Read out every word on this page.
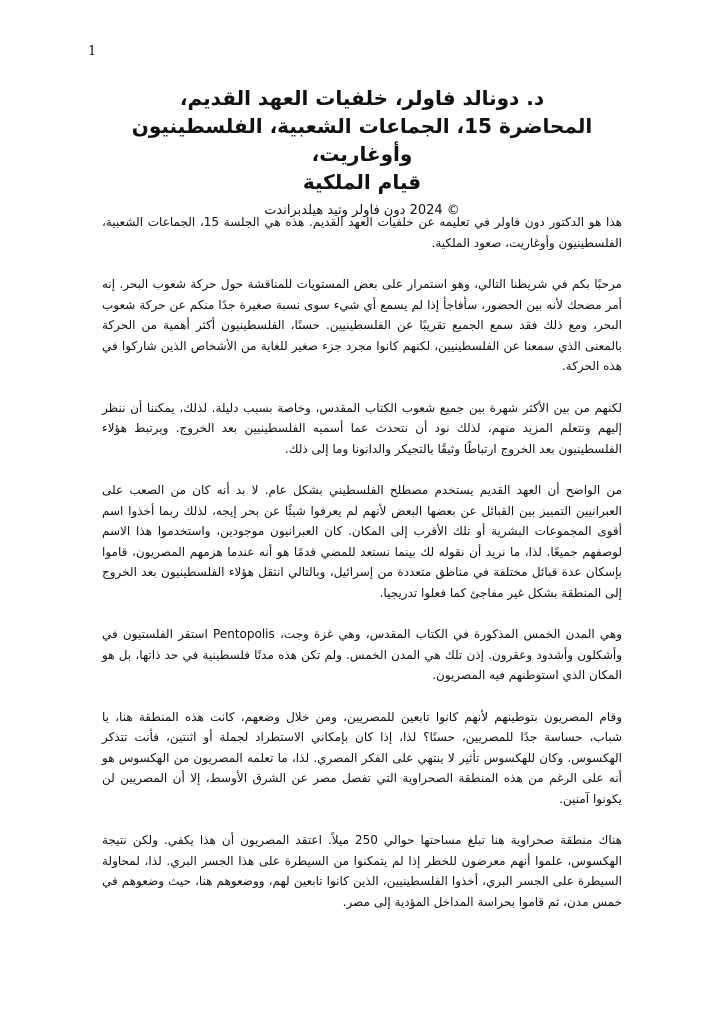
1

د. دونالد فاولر، خلفيات العهد القديم،

المحاضرة 15، الجماعات الشعبية، الفلسطينيون وأوغاريت،

قيام الملكية

© 2024 دون فاولر وتيد هيلدبراندت

هذا هو الدكتور دون فاولر في تعليمه عن خلفيات العهد القديم. هذه هي الجلسة 15، الجماعات الشعبية، الفلسطينيون وأوغاريت، صعود الملكية.

مرحبًا بكم في شريطنا التالي، وهو استمرار على بعض المستويات للمناقشة حول حركة شعوب البحر. إنه أمر مضحك لأنه بين الحضور، سأفاجأ إذا لم يسمع أي شيء سوى نسبة صغيرة جدًا منكم عن حركة شعوب البحر، ومع ذلك فقد سمع الجميع تقريبًا عن الفلسطينيين. حسنًا، الفلسطينيون أكثر أهمية من الحركة بالمعنى الذي سمعنا عن الفلسطينيين، لكنهم كانوا مجرد جزء صغير للغاية من الأشخاص الذين شاركوا في هذه الحركة.

لكنهم من بين الأكثر شهرة بين جميع شعوب الكتاب المقدس، وخاصة بسبب دليلة. لذلك، يمكننا أن ننظر إليهم ونتعلم المزيد منهم، لذلك نود أن نتحدث عما أسميه الفلسطينيين بعد الخروج. ويرتبط هؤلاء الفلسطينيون بعد الخروج ارتباطًا وثيقًا بالتجيكر والدانونا وما إلى ذلك.

من الواضح أن العهد القديم يستخدم مصطلح الفلسطيني بشكل عام. لا بد أنه كان من الصعب على العبرانيين التمييز بين القبائل عن بعضها البعض لأنهم لم يعرفوا شيئًا عن بحر إيجه، لذلك ربما أخذوا اسم أقوى المجموعات البشرية أو تلك الأقرب إلى المكان. كان العبرانيون موجودين، واستخدموا هذا الاسم لوصفهم جميعًا. لذا، ما نريد أن نقوله لك بينما نستعد للمضي قدمًا هو أنه عندما هزمهم المصريون، قاموا بإسكان عدة قبائل مختلفة في مناطق متعددة من إسرائيل، وبالتالي انتقل هؤلاء الفلسطينيون بعد الخروج إلى المنطقة بشكل غير مفاجئ كما فعلوا تدريجيا.

وهي المدن الخمس المذكورة في الكتاب المقدس، وهي غزة وجت، Pentopolis استقر الفلستيون في وأشكلون وأشدود وعقرون. إذن تلك هي المدن الخمس. ولم تكن هذه مدنًا فلسطينية في حد ذاتها، بل هو المكان الذي استوطنهم فيه المصريون.

وقام المصريون بتوطينهم لأنهم كانوا تابعين للمصريين، ومن خلال وضعهم، كانت هذه المنطقة هنا، يا شباب، حساسة جدًا للمصريين، حسنًا؟ لذا، إذا كان بإمكاني الاستطراد لجملة أو اثنتين، فأنت تتذكر الهكسوس. وكان للهكسوس تأثير لا ينتهي على الفكر المصري. لذا، ما تعلمه المصريون من الهكسوس هو أنه على الرغم من هذه المنطقة الصحراوية التي تفصل مصر عن الشرق الأوسط، إلا أن المصريين لن يكونوا آمنين.

هناك منطقة صحراوية هنا تبلغ مساحتها حوالي 250 ميلاً. اعتقد المصريون أن هذا يكفي. ولكن نتيجة الهكسوس، علموا أنهم معرضون للخطر إذا لم يتمكنوا من السيطرة على هذا الجسر البري. لذا، لمحاولة السيطرة على الجسر البري، أخذوا الفلسطينيين، الذين كانوا تابعين لهم، ووضعوهم هنا، حيث وضعوهم في خمس مدن، ثم قاموا بحراسة المداخل المؤدية إلى مصر.
